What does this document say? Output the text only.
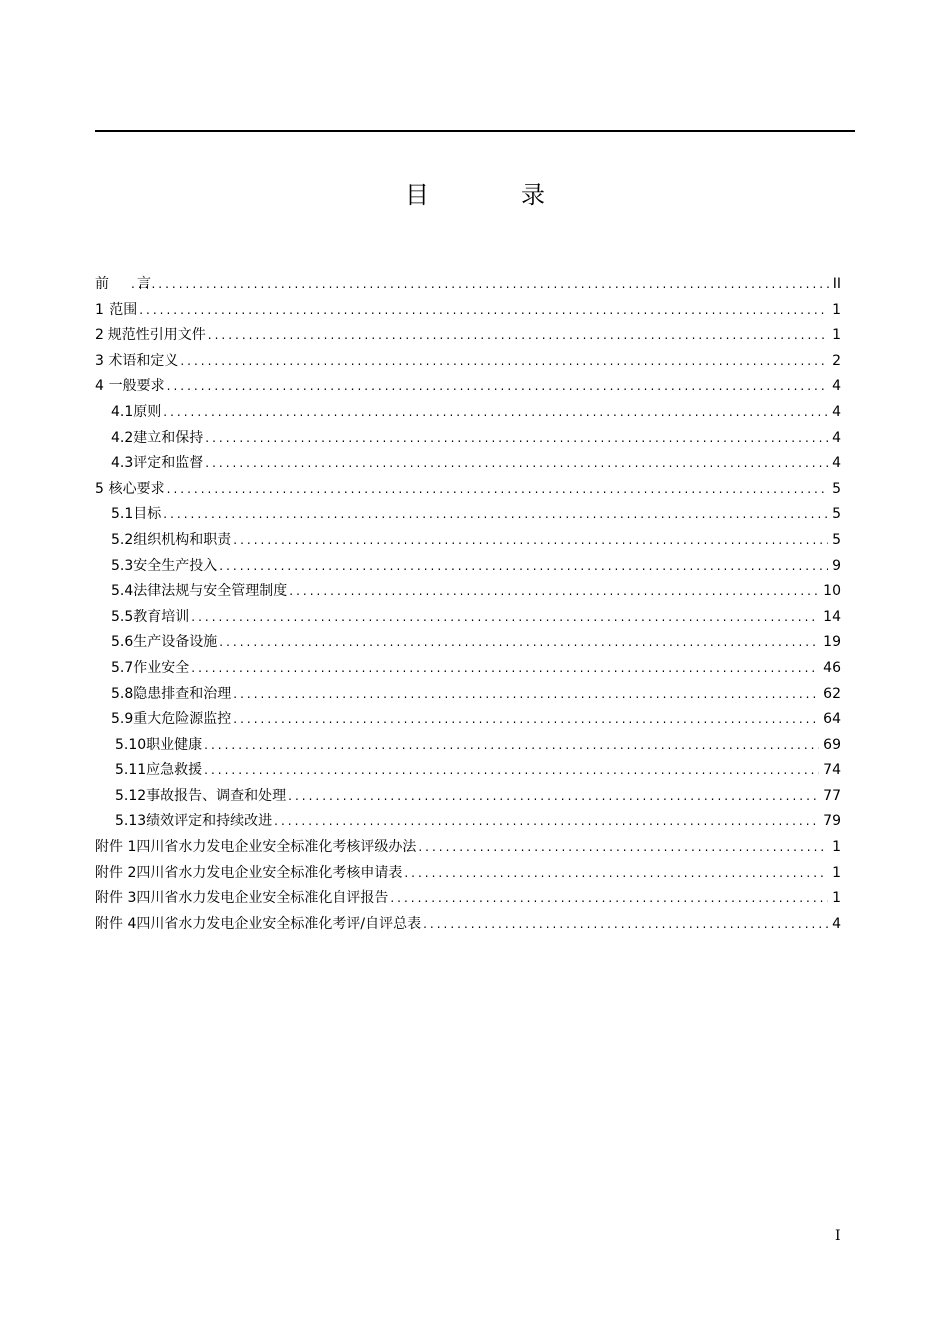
目　录
前　　言 .....	II
1 范围 .....	1
2 规范性引用文件 .....	1
3 术语和定义 .....	2
4 一般要求 .....	4
4.1 原则 .....	4
4.2 建立和保持 .....	4
4.3 评定和监督 .....	4
5 核心要求 .....	5
5.1 目标 .....	5
5.2 组织机构和职责 .....	5
5.3 安全生产投入 .....	9
5.4 法律法规与安全管理制度 .....	10
5.5 教育培训 .....	14
5.6 生产设备设施 .....	19
5.7 作业安全 .....	46
5.8 隐患排查和治理 .....	62
5.9 重大危险源监控 .....	64
5.10 职业健康 .....	69
5.11 应急救援 .....	74
5.12 事故报告、调查和处理 .....	77
5.13 绩效评定和持续改进 .....	79
附件 1 四川省水力发电企业安全标准化考核评级办法 .....	1
附件 2 四川省水力发电企业安全标准化考核申请表 .....	1
附件 3 四川省水力发电企业安全标准化自评报告 .....	1
附件 4 四川省水力发电企业安全标准化考评/自评总表 .....	4
I
